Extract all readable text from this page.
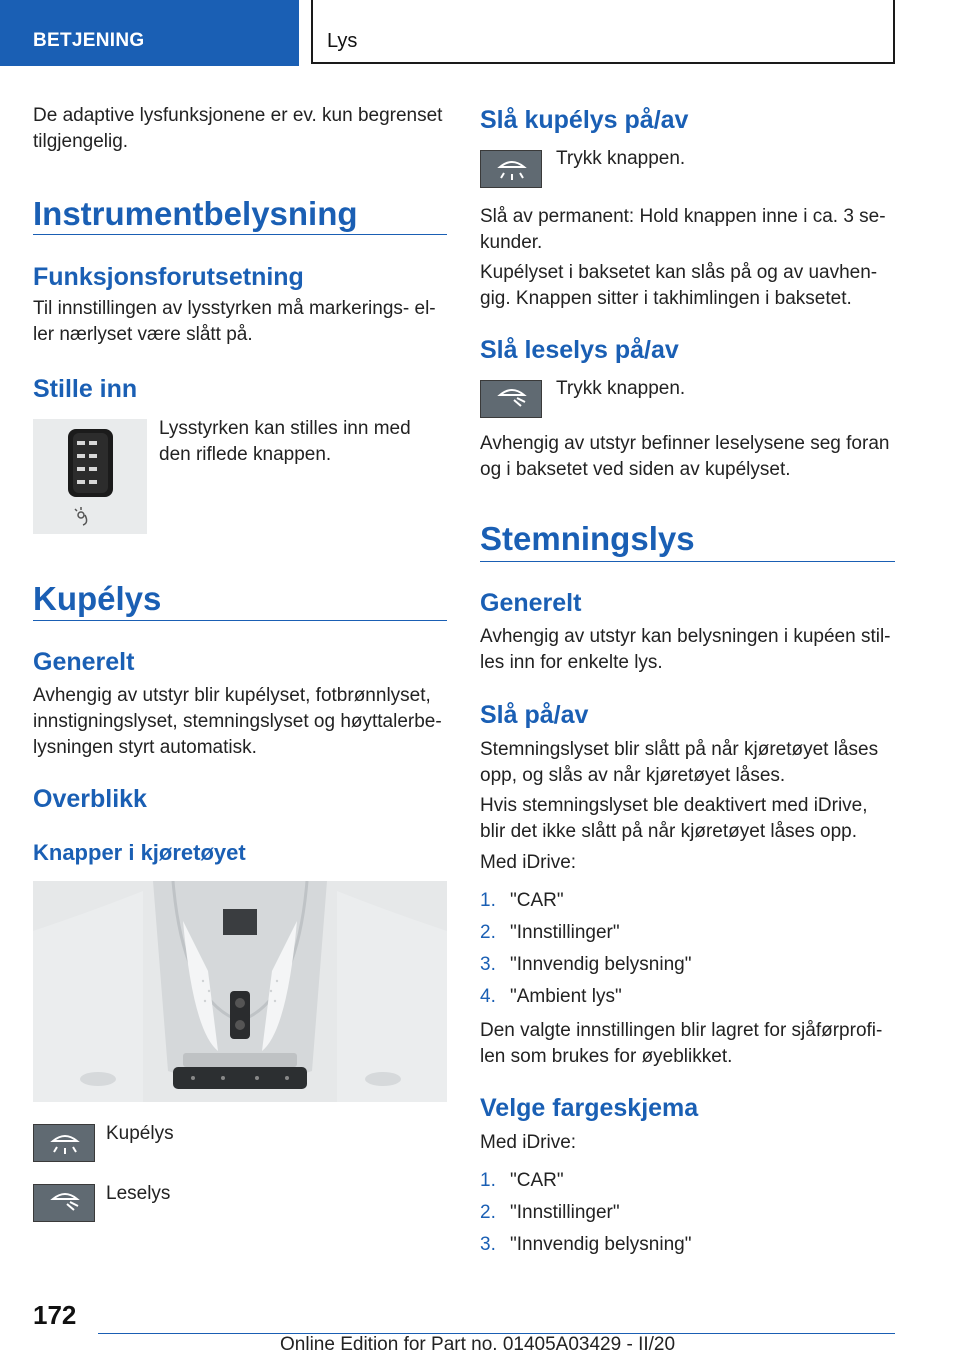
BETJENING	Lys

De adaptive lysfunksjonene er ev. kun begrenset tilgjengelig.

Instrumentbelysning
Funksjonsforutsetning

Til innstillingen av lysstyrken må markerings- el-ler nærlyset være slått på.

Stille inn

Lysstyrken kan stilles inn med den riflede knappen.

Kupélys
Generelt

Avhengig av utstyr blir kupélyset, fotbrønnlyset, innstigningslyset, stemningslyset og høyttalerbe-lysningen styrt automatisk.

Overblikk
Knapper i kjøretøyet

Kupélys

Leselys

Slå kupélys på/av

Trykk knappen.

Slå av permanent: Hold knappen inne i ca. 3 se-kunder.

Kupélyset i baksetet kan slås på og av uavhen-gig. Knappen sitter i takhimlingen i baksetet.

Slå leselys på/av

Trykk knappen.

Avhengig av utstyr befinner leselysene seg foran og i baksetet ved siden av kupélyset.

Stemningslys
Generelt

Avhengig av utstyr kan belysningen i kupéen stil-les inn for enkelte lys.

Slå på/av

Stemningslyset blir slått på når kjøretøyet låses opp, og slås av når kjøretøyet låses.

Hvis stemningslyset ble deaktivert med iDrive, blir det ikke slått på når kjøretøyet låses opp.

Med iDrive:

1. "CAR"
2. "Innstillinger"
3. "Innvendig belysning"
4. "Ambient lys"

Den valgte innstillingen blir lagret for sjåførprofi-len som brukes for øyeblikket.

Velge fargeskjema

Med iDrive:

1. "CAR"
2. "Innstillinger"
3. "Innvendig belysning"
172
Online Edition for Part no. 01405A03429 - II/20
